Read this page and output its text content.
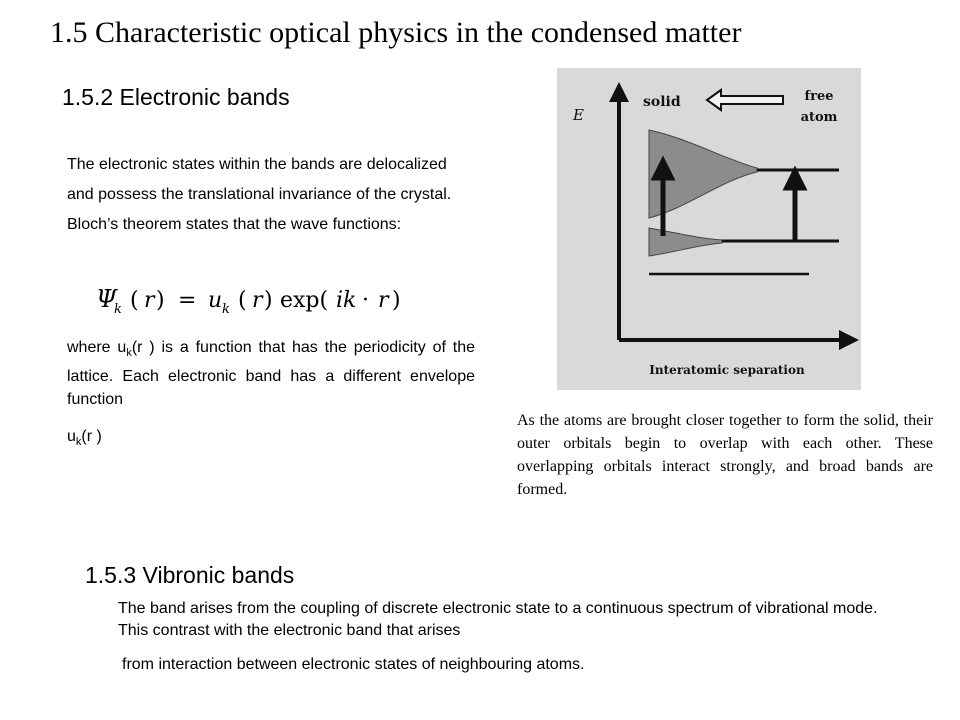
1.5 Characteristic optical physics in the condensed matter
1.5.2 Electronic bands
The electronic states within the bands are delocalized and possess the translational invariance of the crystal. Bloch’s theorem states that the wave functions:
Ψ
k ( r ) = u k ( r ) exp( ik · r )
Ψk(r) = uk(r) exp(ik·r)
where $u_k(r$ ) is a function that has the periodicity of the lattice. Each electronic band has a different envelope function
$u_k(r$ )
E
solid	free
atom
Interatomic separation
As the atoms are brought closer together to form the solid, their outer orbitals begin to overlap with each other. These overlapping orbitals interact strongly, and broad bands are formed.
1.5.3 Vibronic bands
The band arises from the coupling of discrete electronic state to a continuous spectrum of vibrational mode. This contrast with the electronic band that arises
from interaction between electronic states of neighbouring atoms.
